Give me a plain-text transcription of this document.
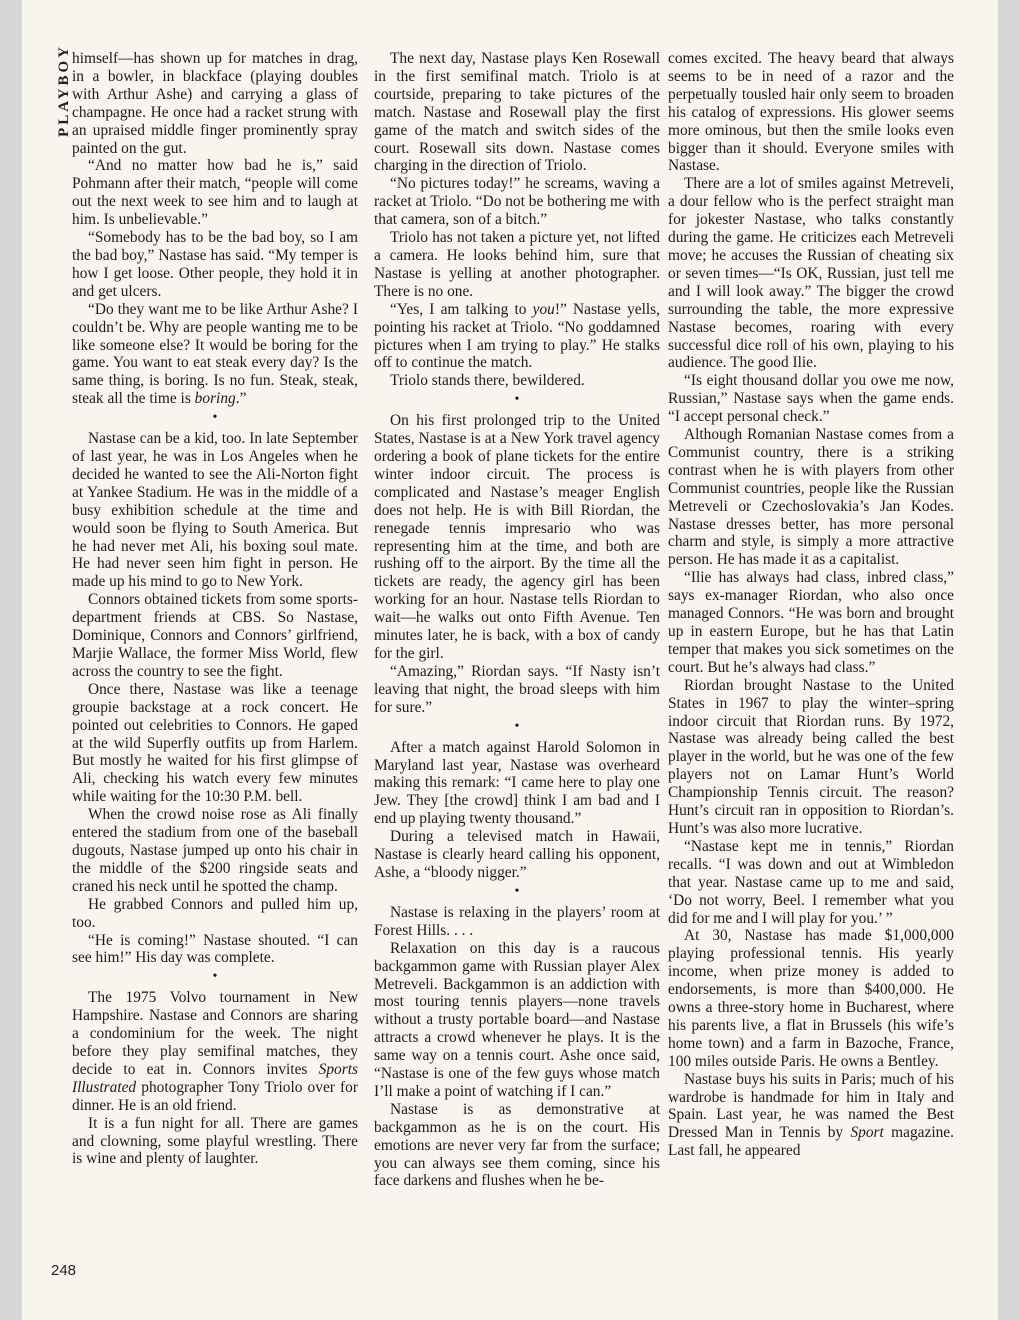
PLAYBOY
248

himself—has shown up for matches in drag, in a bowler, in blackface (playing doubles with Arthur Ashe) and carrying a glass of champagne. He once had a racket strung with an upraised middle finger prominently spray painted on the gut.

“And no matter how bad he is,” said Pohmann after their match, “people will come out the next week to see him and to laugh at him. Is unbelievable.”

“Somebody has to be the bad boy, so I am the bad boy,” Nastase has said. “My temper is how I get loose. Other people, they hold it in and get ulcers.

“Do they want me to be like Arthur Ashe? I couldn’t be. Why are people wanting me to be like someone else? It would be boring for the game. You want to eat steak every day? Is the same thing, is boring. Is no fun. Steak, steak, steak all the time is boring.”

•

Nastase can be a kid, too. In late September of last year, he was in Los Angeles when he decided he wanted to see the Ali-Norton fight at Yankee Stadium. He was in the middle of a busy exhibition schedule at the time and would soon be flying to South America. But he had never met Ali, his boxing soul mate. He had never seen him fight in person. He made up his mind to go to New York.

Connors obtained tickets from some sports-department friends at CBS. So Nastase, Dominique, Connors and Connors’ girlfriend, Marjie Wallace, the former Miss World, flew across the country to see the fight.

Once there, Nastase was like a teenage groupie backstage at a rock concert. He pointed out celebrities to Connors. He gaped at the wild Superfly outfits up from Harlem. But mostly he waited for his first glimpse of Ali, checking his watch every few minutes while waiting for the 10:30 P.M. bell.

When the crowd noise rose as Ali finally entered the stadium from one of the baseball dugouts, Nastase jumped up onto his chair in the middle of the $200 ringside seats and craned his neck until he spotted the champ.

He grabbed Connors and pulled him up, too.

“He is coming!” Nastase shouted. “I can see him!” His day was complete.

•

The 1975 Volvo tournament in New Hampshire. Nastase and Connors are sharing a condominium for the week. The night before they play semifinal matches, they decide to eat in. Connors invites Sports Illustrated photographer Tony Triolo over for dinner. He is an old friend.

It is a fun night for all. There are games and clowning, some playful wrestling. There is wine and plenty of laughter.

The next day, Nastase plays Ken Rosewall in the first semifinal match. Triolo is at courtside, preparing to take pictures of the match. Nastase and Rosewall play the first game of the match and switch sides of the court. Rosewall sits down. Nastase comes charging in the direction of Triolo.

“No pictures today!” he screams, waving a racket at Triolo. “Do not be bothering me with that camera, son of a bitch.”

Triolo has not taken a picture yet, not lifted a camera. He looks behind him, sure that Nastase is yelling at another photographer. There is no one.

“Yes, I am talking to you!” Nastase yells, pointing his racket at Triolo. “No goddamned pictures when I am trying to play.” He stalks off to continue the match.

Triolo stands there, bewildered.

•

On his first prolonged trip to the United States, Nastase is at a New York travel agency ordering a book of plane tickets for the entire winter indoor circuit. The process is complicated and Nastase’s meager English does not help. He is with Bill Riordan, the renegade tennis impresario who was representing him at the time, and both are rushing off to the airport. By the time all the tickets are ready, the agency girl has been working for an hour. Nastase tells Riordan to wait—he walks out onto Fifth Avenue. Ten minutes later, he is back, with a box of candy for the girl.

“Amazing,” Riordan says. “If Nasty isn’t leaving that night, the broad sleeps with him for sure.”

•

After a match against Harold Solomon in Maryland last year, Nastase was overheard making this remark: “I came here to play one Jew. They [the crowd] think I am bad and I end up playing twenty thousand.”

During a televised match in Hawaii, Nastase is clearly heard calling his opponent, Ashe, a “bloody nigger.”

•

Nastase is relaxing in the players’ room at Forest Hills. . . .

Relaxation on this day is a raucous backgammon game with Russian player Alex Metreveli. Backgammon is an addiction with most touring tennis players—none travels without a trusty portable board—and Nastase attracts a crowd whenever he plays. It is the same way on a tennis court. Ashe once said, “Nastase is one of the few guys whose match I’ll make a point of watching if I can.”

Nastase is as demonstrative at backgammon as he is on the court. His emotions are never very far from the surface; you can always see them coming, since his face darkens and flushes when he be-

comes excited. The heavy beard that always seems to be in need of a razor and the perpetually tousled hair only seem to broaden his catalog of expressions. His glower seems more ominous, but then the smile looks even bigger than it should. Everyone smiles with Nastase.

There are a lot of smiles against Metreveli, a dour fellow who is the perfect straight man for jokester Nastase, who talks constantly during the game. He criticizes each Metreveli move; he accuses the Russian of cheating six or seven times—“Is OK, Russian, just tell me and I will look away.” The bigger the crowd surrounding the table, the more expressive Nastase becomes, roaring with every successful dice roll of his own, playing to his audience. The good Ilie.

“Is eight thousand dollar you owe me now, Russian,” Nastase says when the game ends. “I accept personal check.”

Although Romanian Nastase comes from a Communist country, there is a striking contrast when he is with players from other Communist countries, people like the Russian Metreveli or Czechoslovakia’s Jan Kodes. Nastase dresses better, has more personal charm and style, is simply a more attractive person. He has made it as a capitalist.

“Ilie has always had class, inbred class,” says ex-manager Riordan, who also once managed Connors. “He was born and brought up in eastern Europe, but he has that Latin temper that makes you sick sometimes on the court. But he’s always had class.”

Riordan brought Nastase to the United States in 1967 to play the winter–spring indoor circuit that Riordan runs. By 1972, Nastase was already being called the best player in the world, but he was one of the few players not on Lamar Hunt’s World Championship Tennis circuit. The reason? Hunt’s circuit ran in opposition to Riordan’s. Hunt’s was also more lucrative.

“Nastase kept me in tennis,” Riordan recalls. “I was down and out at Wimbledon that year. Nastase came up to me and said, ‘Do not worry, Beel. I remember what you did for me and I will play for you.’ ”

At 30, Nastase has made $1,000,000 playing professional tennis. His yearly income, when prize money is added to endorsements, is more than $400,000. He owns a three-story home in Bucharest, where his parents live, a flat in Brussels (his wife’s home town) and a farm in Bazoche, France, 100 miles outside Paris. He owns a Bentley.

Nastase buys his suits in Paris; much of his wardrobe is handmade for him in Italy and Spain. Last year, he was named the Best Dressed Man in Tennis by Sport magazine. Last fall, he appeared
